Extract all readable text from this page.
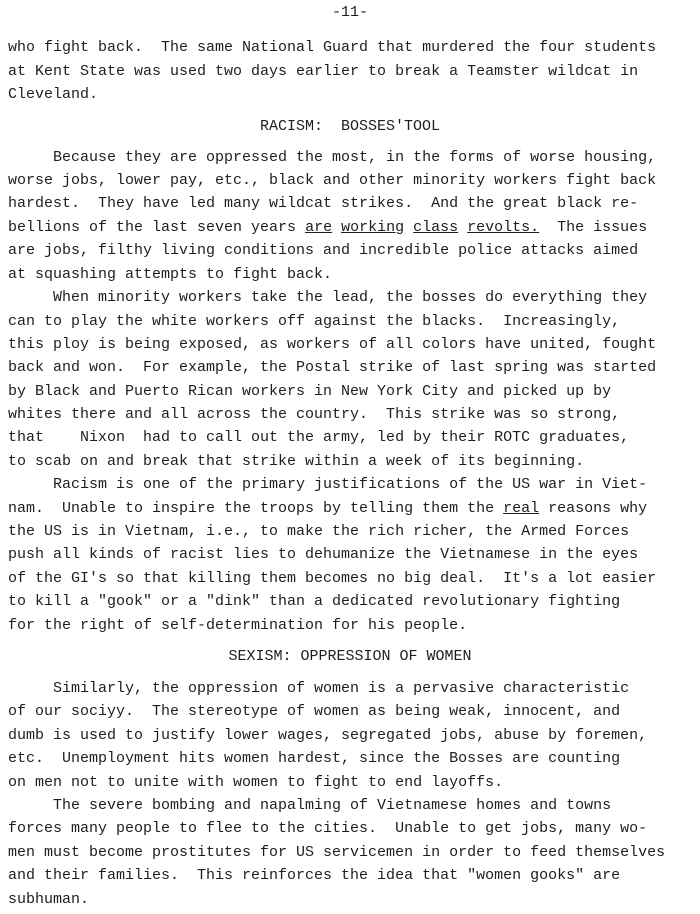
-11-
who fight back.  The same National Guard that murdered the four students
at Kent State was used two days earlier to break a Teamster wildcat in
Cleveland.
RACISM:  BOSSES'TOOL
Because they are oppressed the most, in the forms of worse housing,
worse jobs, lower pay, etc., black and other minority workers fight back
hardest.  They have led many wildcat strikes.  And the great black re-
bellions of the last seven years are working class revolts.  The issues
are jobs, filthy living conditions and incredible police attacks aimed
at squashing attempts to fight back.
When minority workers take the lead, the bosses do everything they
can to play the white workers off against the blacks.  Increasingly,
this ploy is being exposed, as workers of all colors have united, fought
back and won.  For example, the Postal strike of last spring was started
by Black and Puerto Rican workers in New York City and picked up by
whites there and all across the country.  This strike was so strong,
that    Nixon  had to call out the army, led by their ROTC graduates,
to scab on and break that strike within a week of its beginning.
Racism is one of the primary justifications of the US war in Viet-
nam.  Unable to inspire the troops by telling them the real reasons why
the US is in Vietnam, i.e., to make the rich richer, the Armed Forces
push all kinds of racist lies to dehumanize the Vietnamese in the eyes
of the GI's so that killing them becomes no big deal.  It's a lot easier
to kill a "gook" or a "dink" than a dedicated revolutionary fighting
for the right of self-determination for his people.
SEXISM: OPPRESSION OF WOMEN
Similarly, the oppression of women is a pervasive characteristic
of our sociyy.  The stereotype of women as being weak, innocent, and
dumb is used to justify lower wages, segregated jobs, abuse by foremen,
etc.  Unemployment hits women hardest, since the Bosses are counting
on men not to unite with women to fight to end layoffs.
The severe bombing and napalming of Vietnamese homes and towns
forces many people to flee to the cities.  Unable to get jobs, many wo-
men must become prostitutes for US servicemen in order to feed themselves
and their families.  This reinforces the idea that "women gooks" are
subhuman.
